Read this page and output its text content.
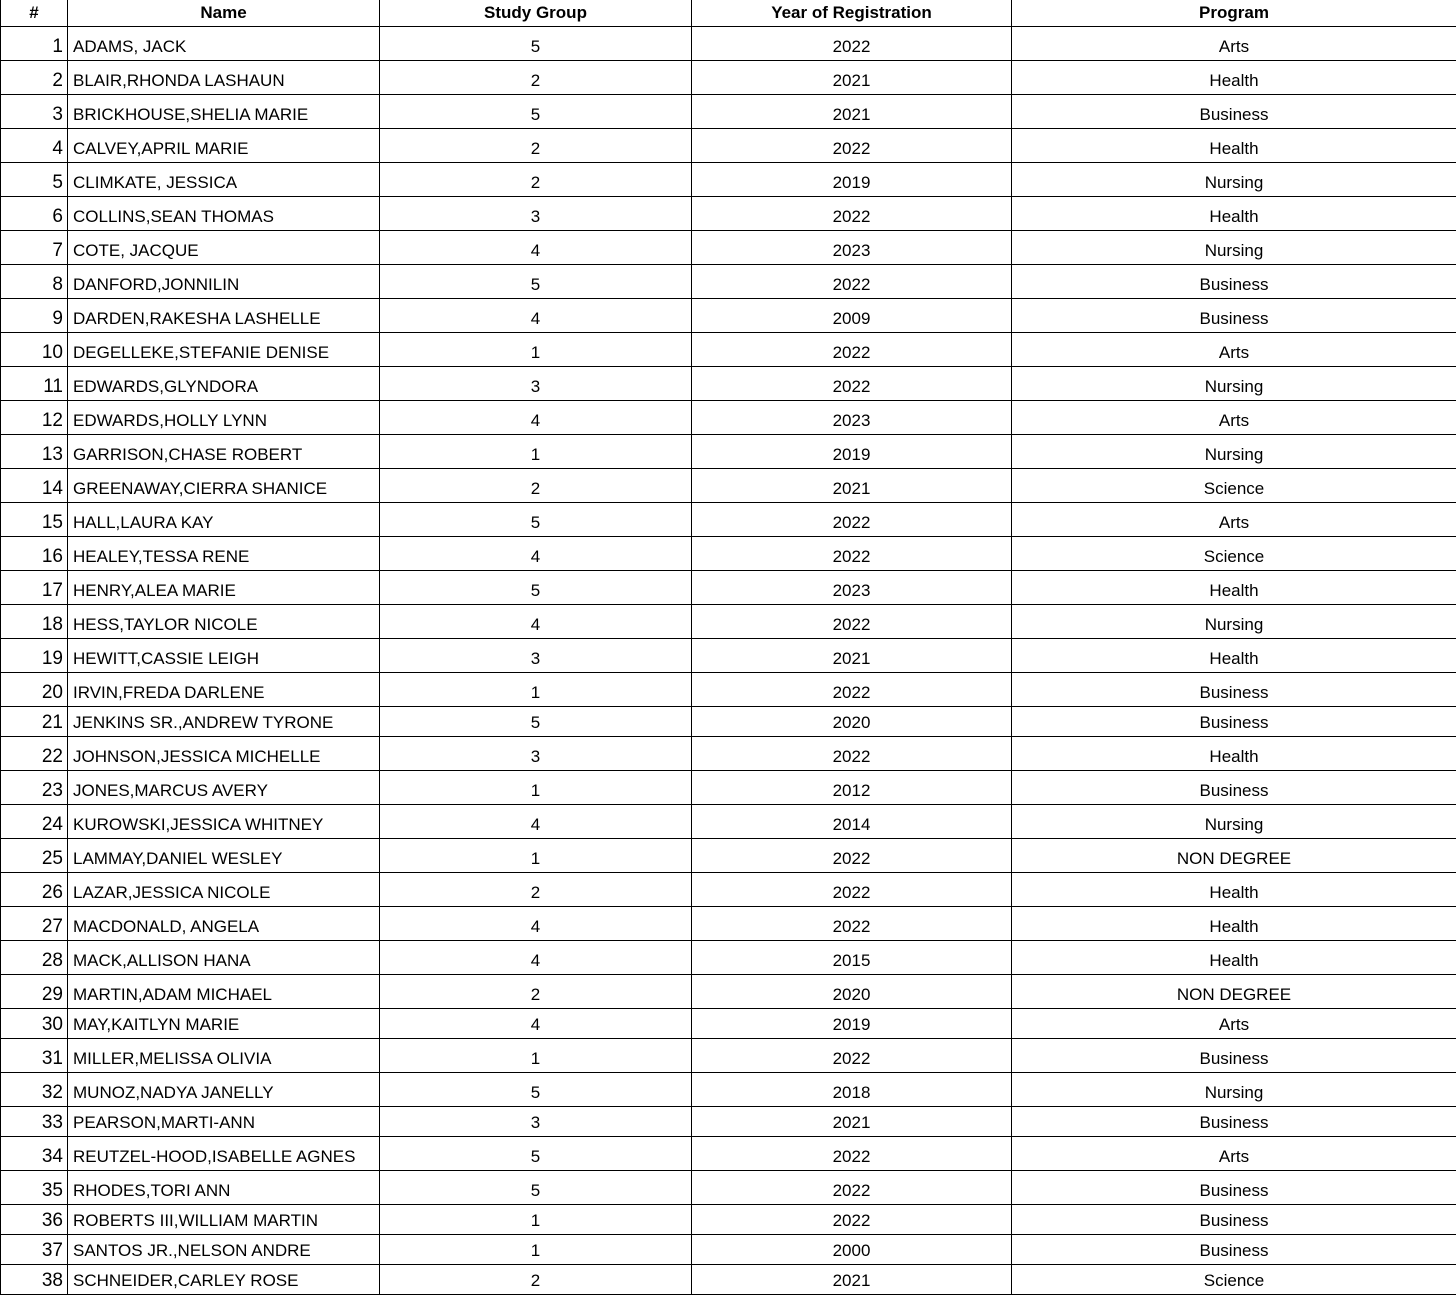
#	Name	Study Group	Year of Registration	Program
1	ADAMS, JACK	5	2022	Arts
2	BLAIR,RHONDA LASHAUN	2	2021	Health
3	BRICKHOUSE,SHELIA MARIE	5	2021	Business
4	CALVEY,APRIL MARIE	2	2022	Health
5	CLIMKATE, JESSICA	2	2019	Nursing
6	COLLINS,SEAN THOMAS	3	2022	Health
7	COTE, JACQUE	4	2023	Nursing
8	DANFORD,JONNILIN	5	2022	Business
9	DARDEN,RAKESHA LASHELLE	4	2009	Business
10	DEGELLEKE,STEFANIE DENISE	1	2022	Arts
11	EDWARDS,GLYNDORA	3	2022	Nursing
12	EDWARDS,HOLLY LYNN	4	2023	Arts
13	GARRISON,CHASE ROBERT	1	2019	Nursing
14	GREENAWAY,CIERRA SHANICE	2	2021	Science
15	HALL,LAURA KAY	5	2022	Arts
16	HEALEY,TESSA RENE	4	2022	Science
17	HENRY,ALEA MARIE	5	2023	Health
18	HESS,TAYLOR NICOLE	4	2022	Nursing
19	HEWITT,CASSIE LEIGH	3	2021	Health
20	IRVIN,FREDA DARLENE	1	2022	Business
21	JENKINS SR.,ANDREW TYRONE	5	2020	Business
22	JOHNSON,JESSICA MICHELLE	3	2022	Health
23	JONES,MARCUS AVERY	1	2012	Business
24	KUROWSKI,JESSICA WHITNEY	4	2014	Nursing
25	LAMMAY,DANIEL WESLEY	1	2022	NON DEGREE
26	LAZAR,JESSICA NICOLE	2	2022	Health
27	MACDONALD, ANGELA	4	2022	Health
28	MACK,ALLISON HANA	4	2015	Health
29	MARTIN,ADAM MICHAEL	2	2020	NON DEGREE
30	MAY,KAITLYN MARIE	4	2019	Arts
31	MILLER,MELISSA OLIVIA	1	2022	Business
32	MUNOZ,NADYA JANELLY	5	2018	Nursing
33	PEARSON,MARTI-ANN	3	2021	Business
34	REUTZEL-HOOD,ISABELLE AGNES	5	2022	Arts
35	RHODES,TORI ANN	5	2022	Business
36	ROBERTS III,WILLIAM MARTIN	1	2022	Business
37	SANTOS JR.,NELSON ANDRE	1	2000	Business
38	SCHNEIDER,CARLEY ROSE	2	2021	Science
